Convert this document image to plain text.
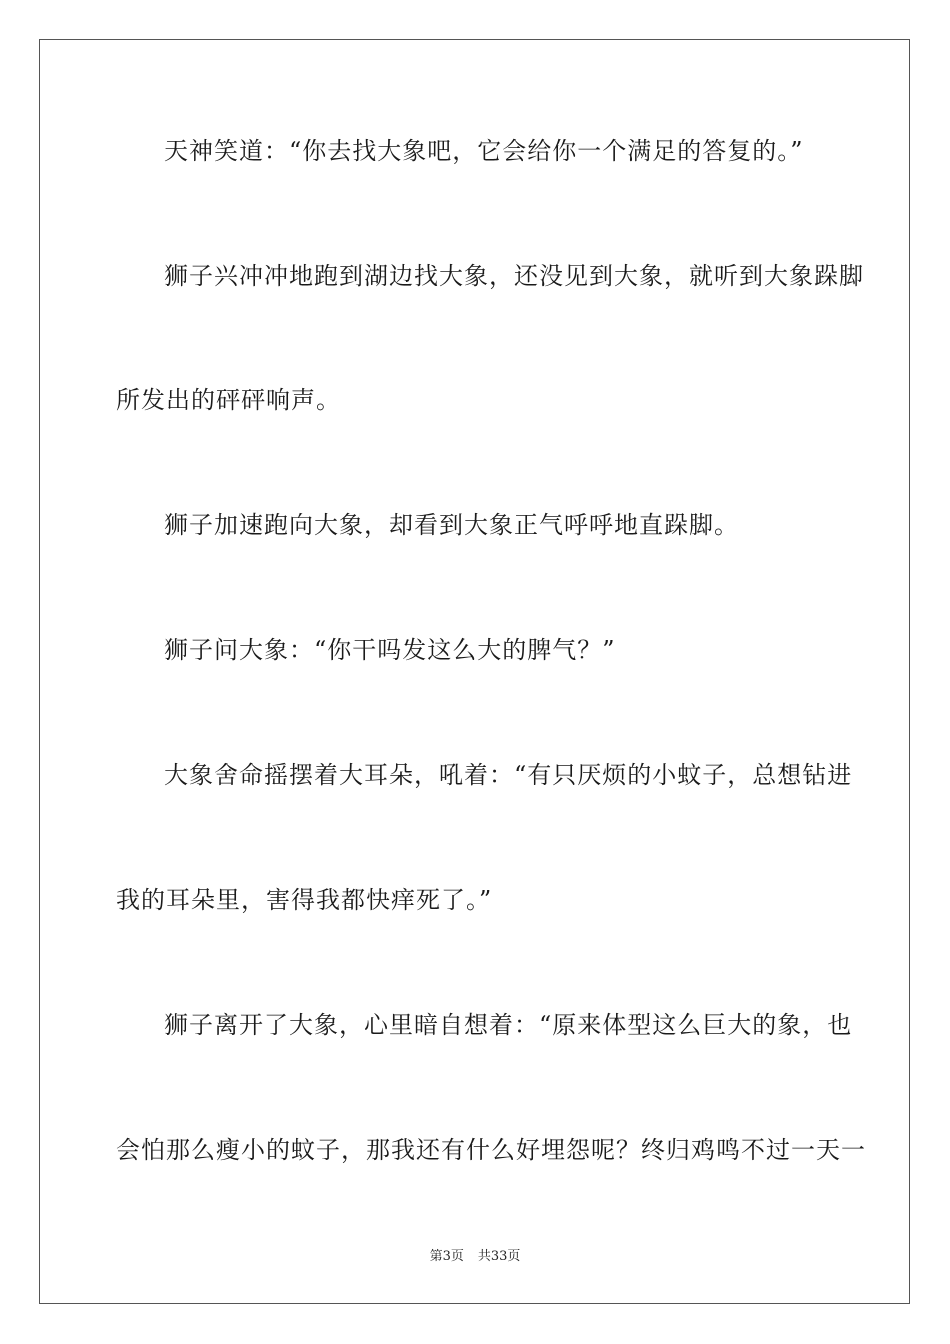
天神笑道：“你去找大象吧，它会给你一个满足的答复的。”
狮子兴冲冲地跑到湖边找大象，还没见到大象，就听到大象跺脚
所发出的砰砰响声。
狮子加速跑向大象，却看到大象正气呼呼地直跺脚。
狮子问大象：“你干吗发这么大的脾气？”
大象舍命摇摆着大耳朵，吼着：“有只厌烦的小蚊子，总想钻进
我的耳朵里，害得我都快痒死了。”
狮子离开了大象，心里暗自想着：“原来体型这么巨大的象，也
会怕那么瘦小的蚊子，那我还有什么好埋怨呢？终归鸡鸣不过一天一
第3页 共33页
